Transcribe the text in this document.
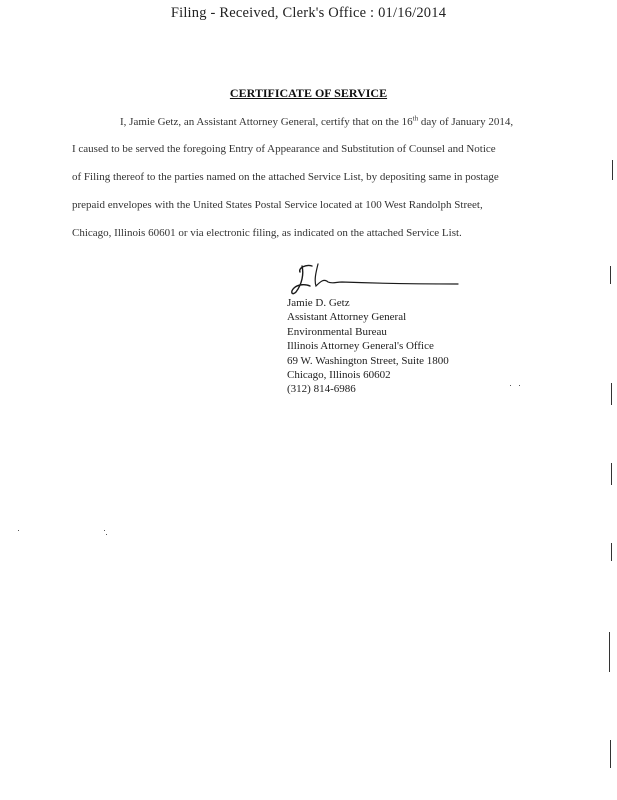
Filing - Received, Clerk's Office : 01/16/2014
CERTIFICATE OF SERVICE
I, Jamie Getz, an Assistant Attorney General, certify that on the 16th day of January 2014,
I caused to be served the foregoing Entry of Appearance and Substitution of Counsel and Notice
of Filing thereof to the parties named on the attached Service List, by depositing same in postage
prepaid envelopes with the United States Postal Service located at 100 West Randolph Street,
Chicago, Illinois 60601 or via electronic filing, as indicated on the attached Service List.
Jamie D. Getz
Assistant Attorney General
Environmental Bureau
Illinois Attorney General's Office
69 W. Washington Street, Suite 1800
Chicago, Illinois 60602
(312) 814-6986
